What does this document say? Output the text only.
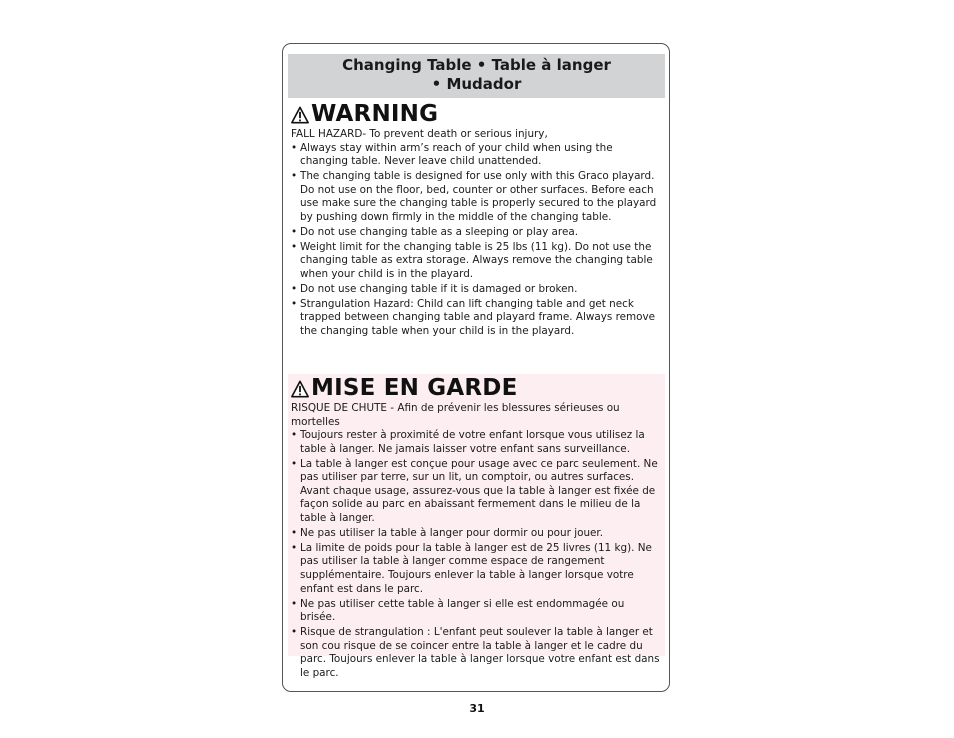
Changing Table • Table à langer
• Mudador
WARNING

FALL HAZARD- To prevent death or serious injury,

• Always stay within arm’s reach of your child when using the changing table. Never leave child unattended.
• The changing table is designed for use only with this Graco playard. Do not use on the floor, bed, counter or other surfaces. Before each use make sure the changing table is properly secured to the playard by pushing down firmly in the middle of the changing table.
• Do not use changing table as a sleeping or play area.
• Weight limit for the changing table is 25 lbs (11 kg). Do not use the changing table as extra storage. Always remove the changing table when your child is in the playard.
• Do not use changing table if it is damaged or broken.
• Strangulation Hazard: Child can lift changing table and get neck trapped between changing table and playard frame. Always remove the changing table when your child is in the playard.
MISE EN GARDE

RISQUE DE CHUTE - Afin de prévenir les blessures sérieuses ou mortelles

• Toujours rester à proximité de votre enfant lorsque vous utilisez la table à langer. Ne jamais laisser votre enfant sans surveillance.
• La table à langer est conçue pour usage avec ce parc seulement. Ne pas utiliser par terre, sur un lit, un comptoir, ou autres surfaces. Avant chaque usage, assurez-vous que la table à langer est fixée de façon solide au parc en abaissant fermement dans le milieu de la table à langer.
• Ne pas utiliser la table à langer pour dormir ou pour jouer.
• La limite de poids pour la table à langer est de 25 livres (11 kg). Ne pas utiliser la table à langer comme espace de rangement supplémentaire. Toujours enlever la table à langer lorsque votre enfant est dans le parc.
• Ne pas utiliser cette table à langer si elle est endommagée ou brisée.
• Risque de strangulation : L'enfant peut soulever la table à langer et son cou risque de se coincer entre la table à langer et le cadre du parc. Toujours enlever la table à langer lorsque votre enfant est dans le parc.
31
